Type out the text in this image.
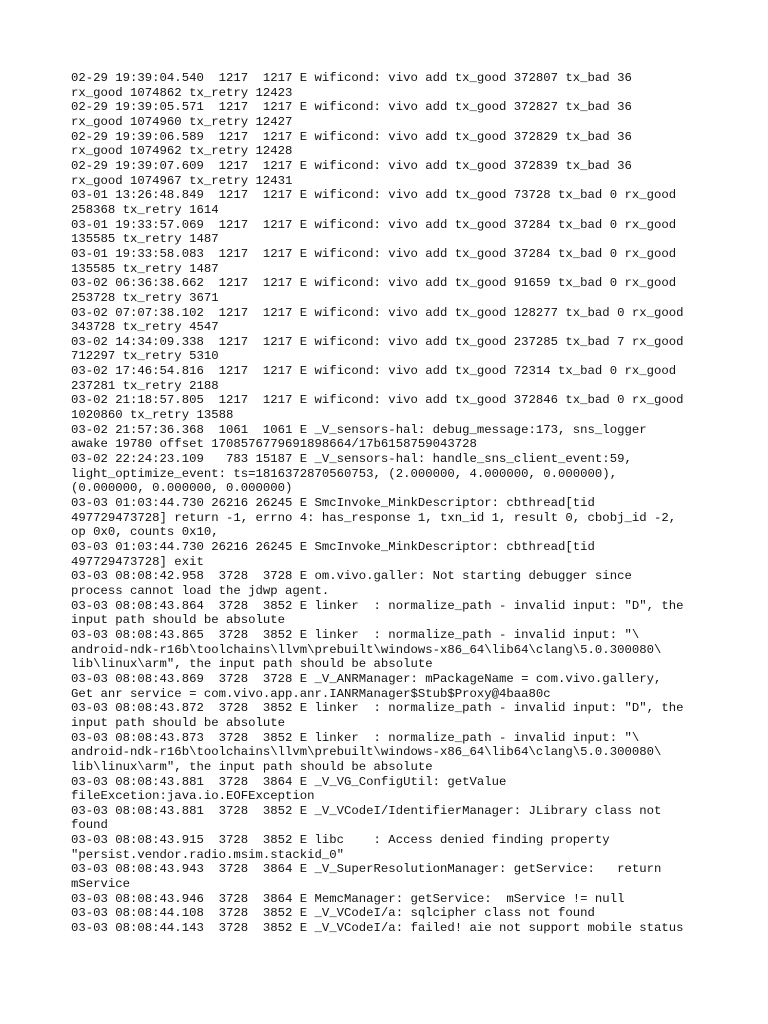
02-29 19:39:04.540  1217  1217 E wificond: vivo add tx_good 372807 tx_bad 36

rx_good 1074862 tx_retry 12423

02-29 19:39:05.571  1217  1217 E wificond: vivo add tx_good 372827 tx_bad 36

rx_good 1074960 tx_retry 12427

02-29 19:39:06.589  1217  1217 E wificond: vivo add tx_good 372829 tx_bad 36

rx_good 1074962 tx_retry 12428

02-29 19:39:07.609  1217  1217 E wificond: vivo add tx_good 372839 tx_bad 36

rx_good 1074967 tx_retry 12431

03-01 13:26:48.849  1217  1217 E wificond: vivo add tx_good 73728 tx_bad 0 rx_good

258368 tx_retry 1614

03-01 19:33:57.069  1217  1217 E wificond: vivo add tx_good 37284 tx_bad 0 rx_good

135585 tx_retry 1487

03-01 19:33:58.083  1217  1217 E wificond: vivo add tx_good 37284 tx_bad 0 rx_good

135585 tx_retry 1487

03-02 06:36:38.662  1217  1217 E wificond: vivo add tx_good 91659 tx_bad 0 rx_good

253728 tx_retry 3671

03-02 07:07:38.102  1217  1217 E wificond: vivo add tx_good 128277 tx_bad 0 rx_good

343728 tx_retry 4547

03-02 14:34:09.338  1217  1217 E wificond: vivo add tx_good 237285 tx_bad 7 rx_good

712297 tx_retry 5310

03-02 17:46:54.816  1217  1217 E wificond: vivo add tx_good 72314 tx_bad 0 rx_good

237281 tx_retry 2188

03-02 21:18:57.805  1217  1217 E wificond: vivo add tx_good 372846 tx_bad 0 rx_good

1020860 tx_retry 13588

03-02 21:57:36.368  1061  1061 E _V_sensors-hal: debug_message:173, sns_logger

awake 19780 offset 1708576779691898664/17b6158759043728

03-02 22:24:23.109   783 15187 E _V_sensors-hal: handle_sns_client_event:59,

light_optimize_event: ts=1816372870560753, (2.000000, 4.000000, 0.000000),

(0.000000, 0.000000, 0.000000)

03-03 01:03:44.730 26216 26245 E SmcInvoke_MinkDescriptor: cbthread[tid

497729473728] return -1, errno 4: has_response 1, txn_id 1, result 0, cbobj_id -2,

op 0x0, counts 0x10,

03-03 01:03:44.730 26216 26245 E SmcInvoke_MinkDescriptor: cbthread[tid

497729473728] exit

03-03 08:08:42.958  3728  3728 E om.vivo.galler: Not starting debugger since

process cannot load the jdwp agent.

03-03 08:08:43.864  3728  3852 E linker  : normalize_path - invalid input: "D", the

input path should be absolute

03-03 08:08:43.865  3728  3852 E linker  : normalize_path - invalid input: "\

android-ndk-r16b\toolchains\llvm\prebuilt\windows-x86_64\lib64\clang\5.0.300080\

lib\linux\arm", the input path should be absolute

03-03 08:08:43.869  3728  3728 E _V_ANRManager: mPackageName = com.vivo.gallery,

Get anr service = com.vivo.app.anr.IANRManager$Stub$Proxy@4baa80c

03-03 08:08:43.872  3728  3852 E linker  : normalize_path - invalid input: "D", the

input path should be absolute

03-03 08:08:43.873  3728  3852 E linker  : normalize_path - invalid input: "\

android-ndk-r16b\toolchains\llvm\prebuilt\windows-x86_64\lib64\clang\5.0.300080\

lib\linux\arm", the input path should be absolute

03-03 08:08:43.881  3728  3864 E _V_VG_ConfigUtil: getValue

fileExcetion:java.io.EOFException

03-03 08:08:43.881  3728  3852 E _V_VCodeI/IdentifierManager: JLibrary class not

found

03-03 08:08:43.915  3728  3852 E libc    : Access denied finding property

"persist.vendor.radio.msim.stackid_0"

03-03 08:08:43.943  3728  3864 E _V_SuperResolutionManager: getService:   return

mService

03-03 08:08:43.946  3728  3864 E MemcManager: getService:  mService != null

03-03 08:08:44.108  3728  3852 E _V_VCodeI/a: sqlcipher class not found

03-03 08:08:44.143  3728  3852 E _V_VCodeI/a: failed! aie not support mobile status
